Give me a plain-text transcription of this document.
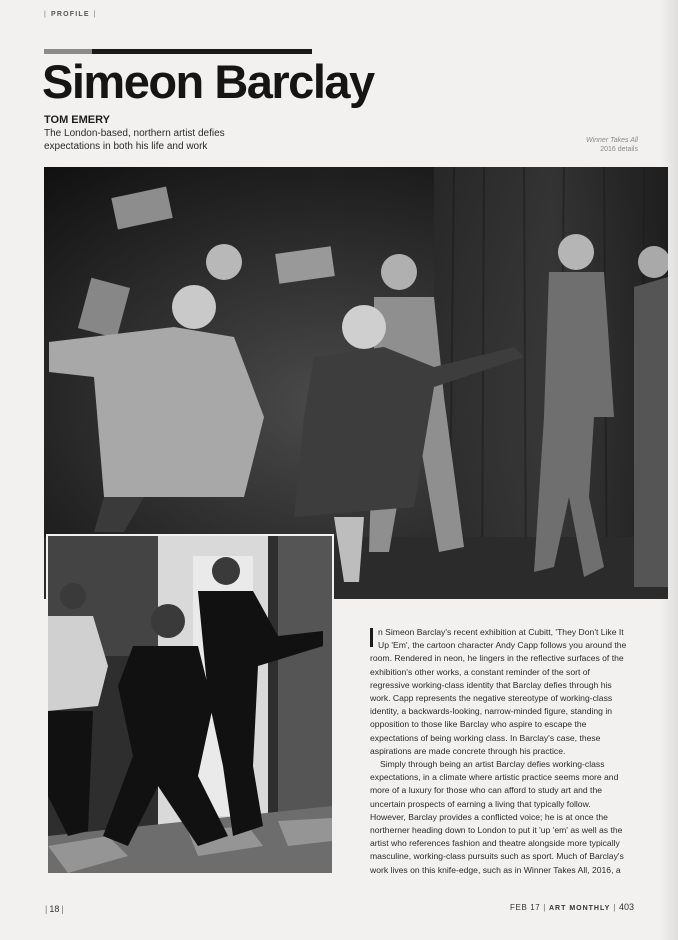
| PROFILE |
Simeon Barclay
TOM EMERY
The London-based, northern artist defies expectations in both his life and work
Winner Takes All
2016 details

n Simeon Barclay's recent exhibition at Cubitt, 'They Don't Like It Up 'Em', the cartoon character Andy Capp follows you around the room. Rendered in neon, he lingers in the reflective surfaces of the exhibition's other works, a constant reminder of the sort of regressive working-class identity that Barclay defies through his work. Capp represents the negative stereotype of working-class identity, a backwards-looking, narrow-minded figure, standing in opposition to those like Barclay who aspire to escape the expectations of being working class. In Barclay's case, these aspirations are made concrete through his practice.

Simply through being an artist Barclay defies working-class expectations, in a climate where artistic practice seems more and more of a luxury for those who can afford to study art and the uncertain prospects of earning a living that typically follow. However, Barclay provides a conflicted voice; he is at once the northerner heading down to London to put it 'up 'em' as well as the artist who references fashion and theatre alongside more typically masculine, working-class pursuits such as sport. Much of Barclay's work lives on this knife-edge, such as in Winner Takes All, 2016, a

| 18 |	FEB 17 | ART MONTHLY | 403
